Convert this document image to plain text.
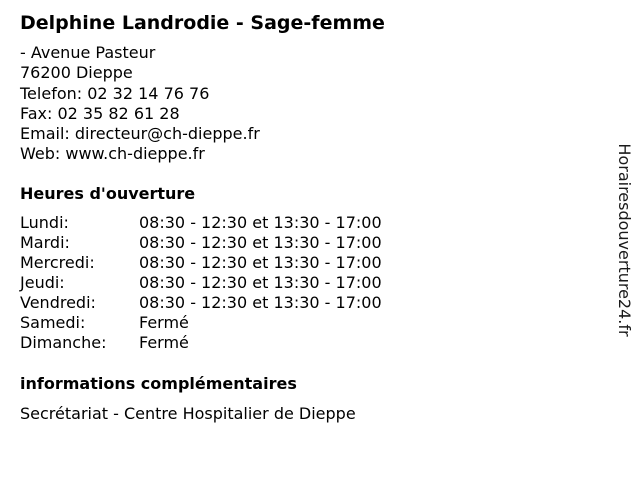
Delphine Landrodie - Sage-femme
- Avenue Pasteur
76200 Dieppe
Telefon: 02 32 14 76 76
Fax: 02 35 82 61 28
Email: directeur@ch-dieppe.fr
Web: www.ch-dieppe.fr
Heures d'ouverture
Lundi:	08:30 - 12:30 et 13:30 - 17:00
Mardi:	08:30 - 12:30 et 13:30 - 17:00
Mercredi:	08:30 - 12:30 et 13:30 - 17:00
Jeudi:	08:30 - 12:30 et 13:30 - 17:00
Vendredi:	08:30 - 12:30 et 13:30 - 17:00
Samedi:	Fermé
Dimanche: Fermé
informations complémentaires
Secrétariat - Centre Hospitalier de Dieppe
Horairesdouverture24.fr
